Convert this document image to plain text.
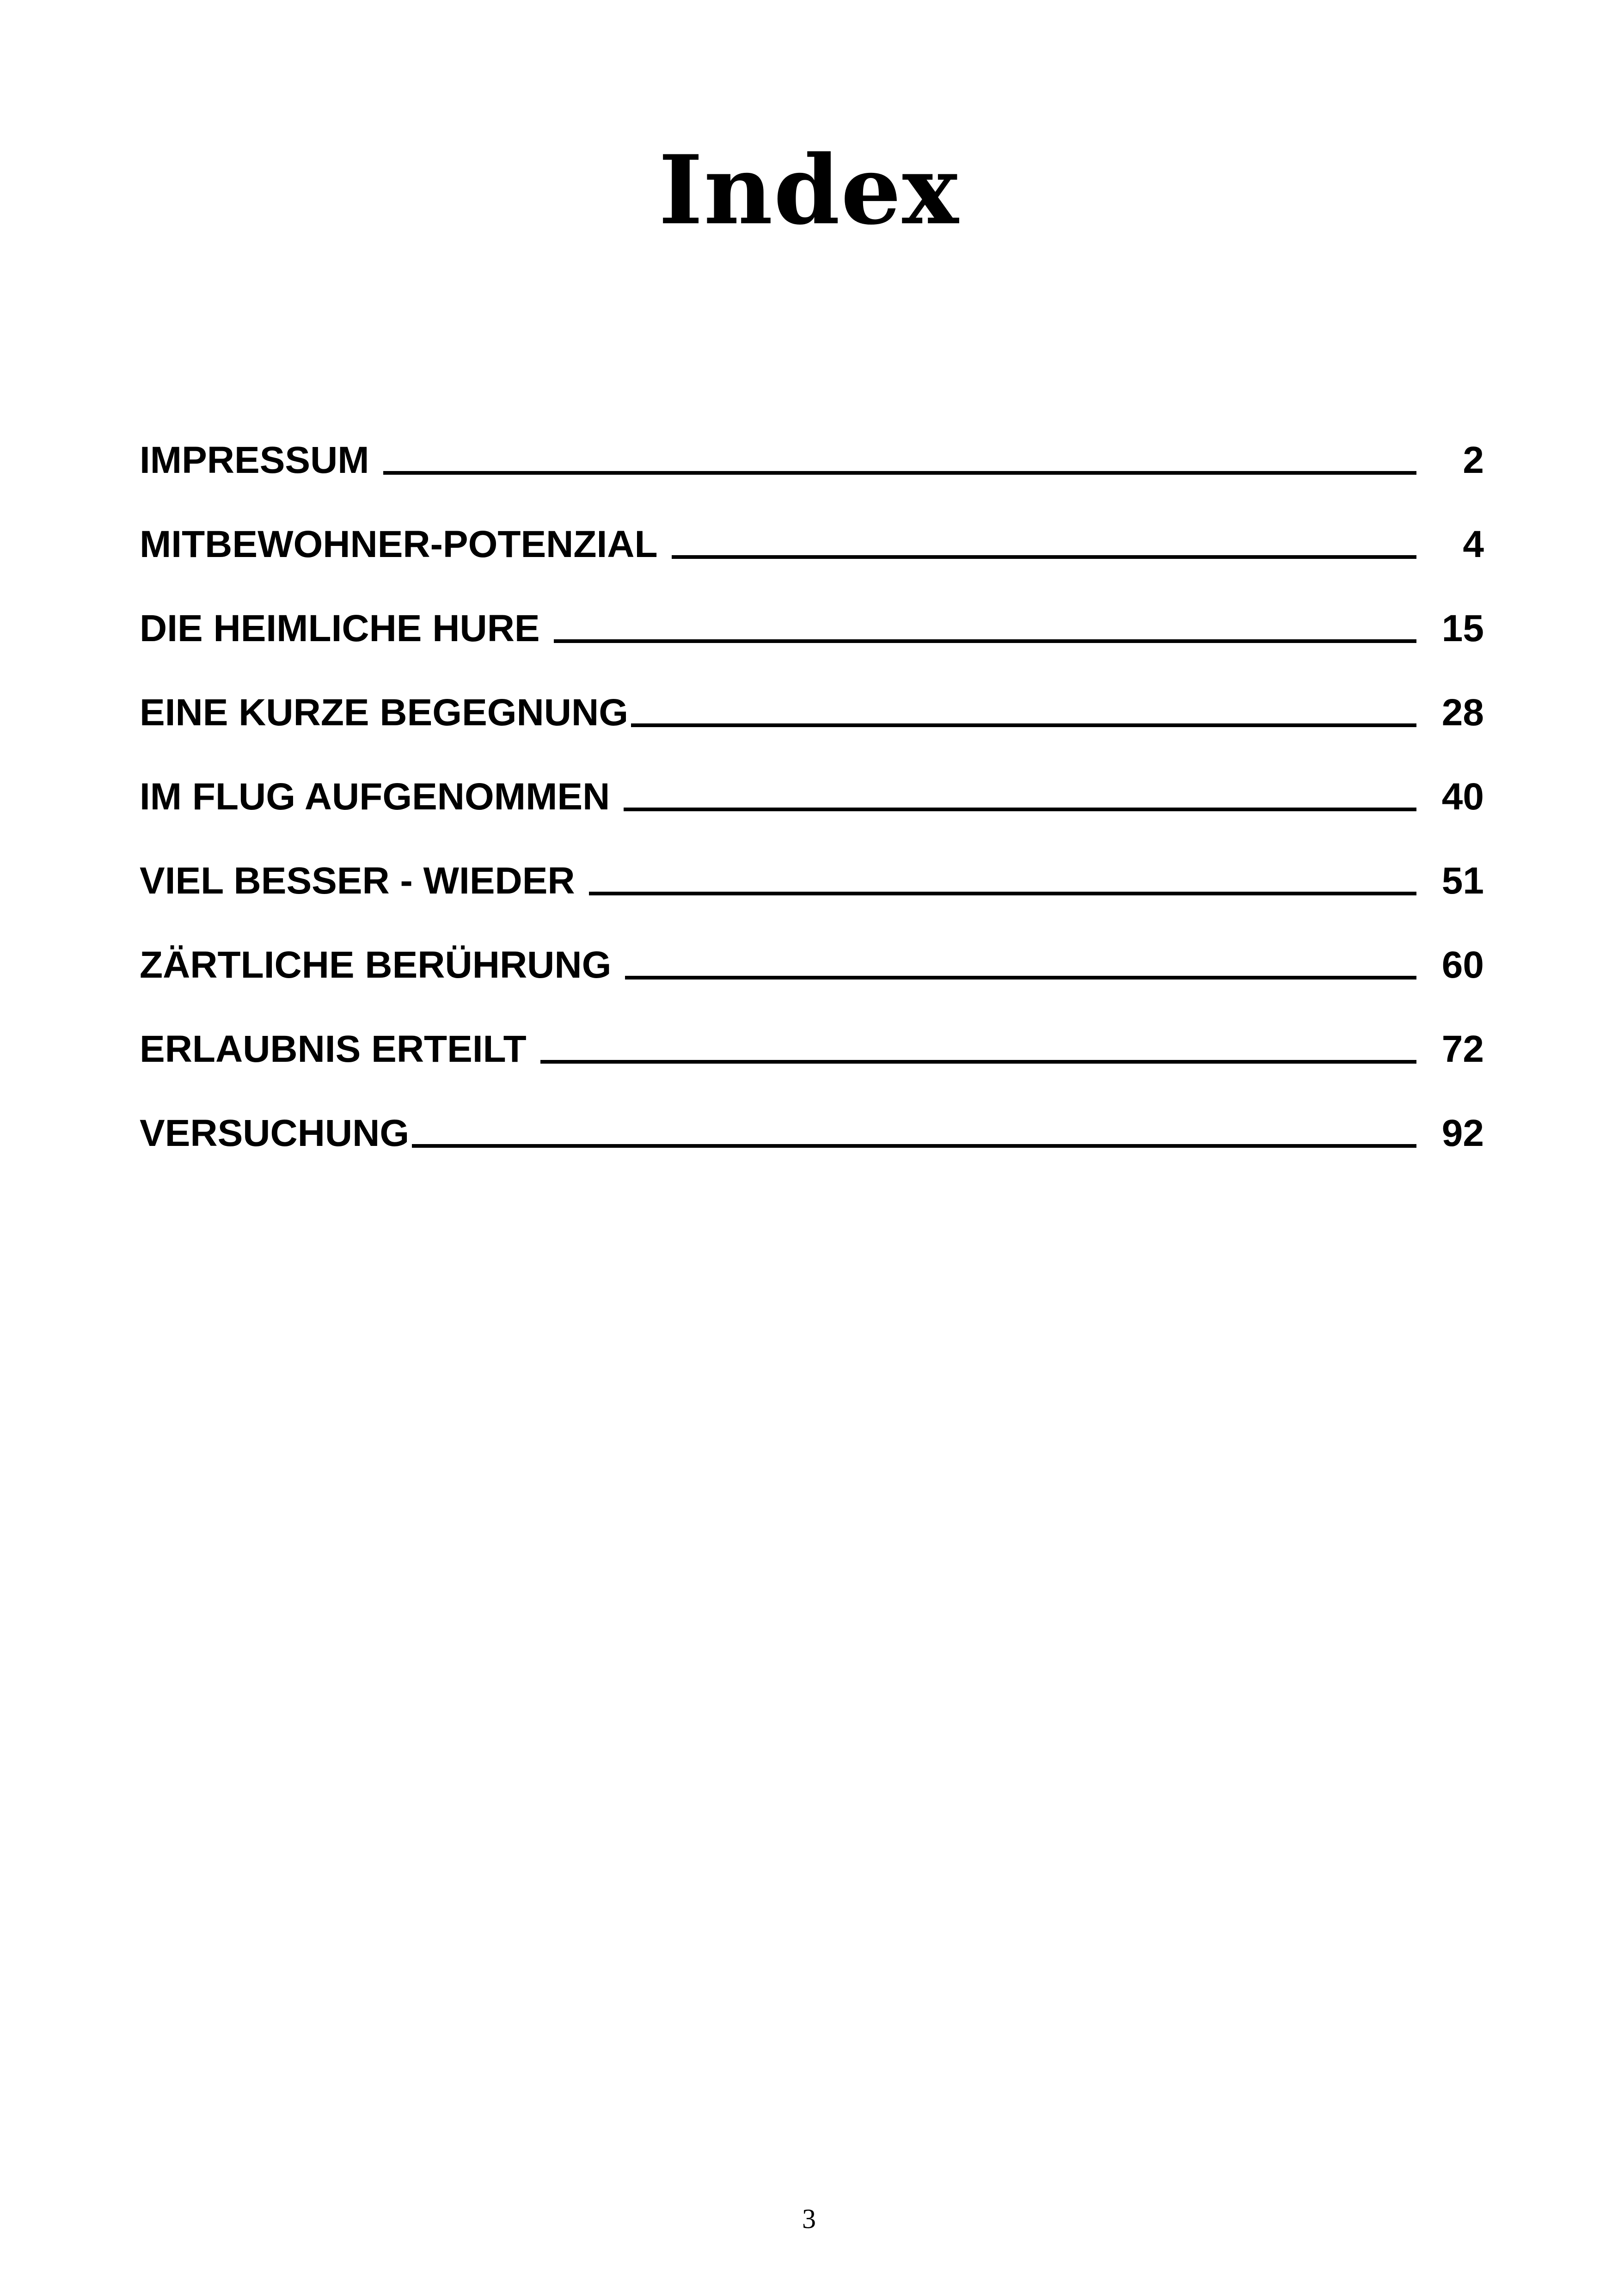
Index
IMPRESSUM	2
MITBEWOHNER-POTENZIAL	4
DIE HEIMLICHE HURE	15
EINE KURZE BEGEGNUNG	28
IM FLUG AUFGENOMMEN	40
VIEL BESSER - WIEDER	51
ZÄRTLICHE BERÜHRUNG	60
ERLAUBNIS ERTEILT	72
VERSUCHUNG	92
3
